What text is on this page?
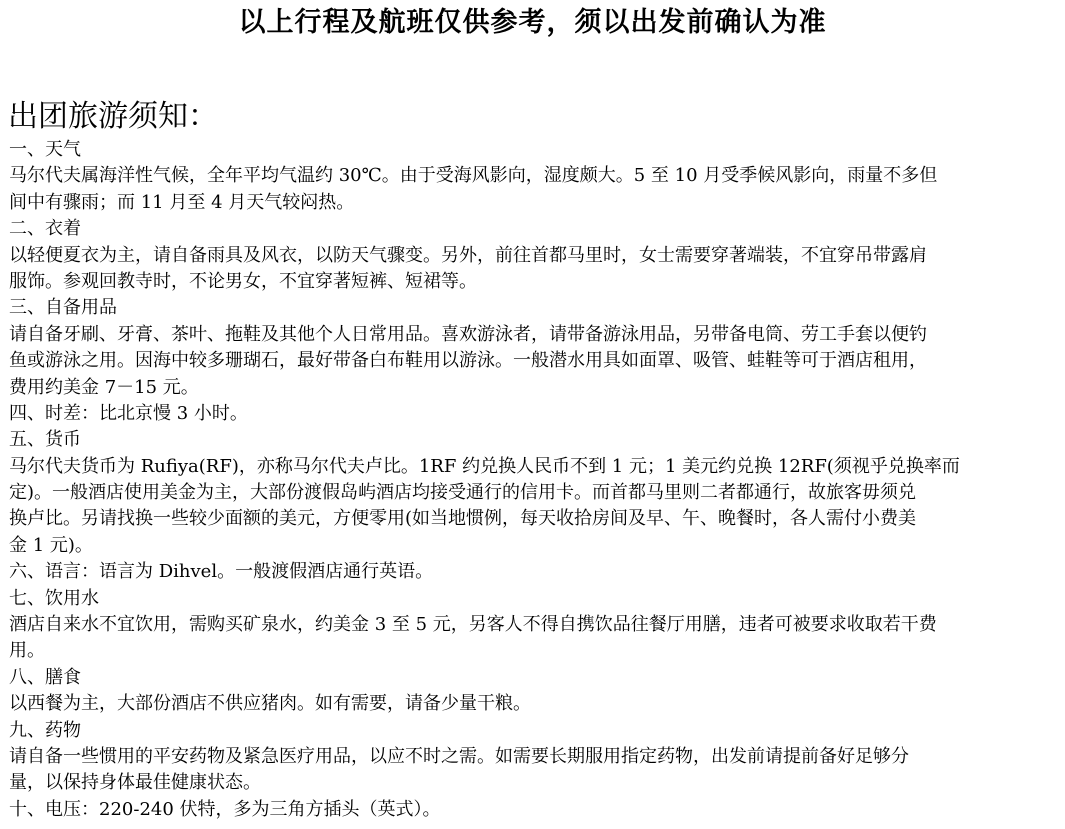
以上行程及航班仅供参考，须以出发前确认为准
出团旅游须知：
一、天气
马尔代夫属海洋性气候，全年平均气温约 30℃。由于受海风影向，湿度颇大。5 至 10 月受季候风影向，雨量不多但
间中有骤雨；而 11 月至 4 月天气较闷热。
二、衣着
以轻便夏衣为主，请自备雨具及风衣，以防天气骤变。另外，前往首都马里时，女士需要穿著端装，不宜穿吊带露肩
服饰。参观回教寺时，不论男女，不宜穿著短裤、短裙等。
三、自备用品
请自备牙刷、牙膏、茶叶、拖鞋及其他个人日常用品。喜欢游泳者，请带备游泳用品，另带备电筒、劳工手套以便钓
鱼或游泳之用。因海中较多珊瑚石，最好带备白布鞋用以游泳。一般潜水用具如面罩、吸管、蛙鞋等可于酒店租用，
费用约美金 7－15 元。
四、时差：比北京慢 3 小时。
五、货币
马尔代夫货币为 Rufiya(RF)，亦称马尔代夫卢比。1RF 约兑换人民币不到 1 元；1 美元约兑换 12RF(须视乎兑换率而
定)。一般酒店使用美金为主，大部份渡假岛屿酒店均接受通行的信用卡。而首都马里则二者都通行，故旅客毋须兑
换卢比。另请找换一些较少面额的美元，方便零用(如当地惯例，每天收拾房间及早、午、晚餐时，各人需付小费美
金 1 元)。
六、语言：语言为 Dihvel。一般渡假酒店通行英语。
七、饮用水
酒店自来水不宜饮用，需购买矿泉水，约美金 3 至 5 元，另客人不得自携饮品往餐厅用膳，违者可被要求收取若干费
用。
八、膳食
以西餐为主，大部份酒店不供应猪肉。如有需要，请备少量干粮。
九、药物
请自备一些惯用的平安药物及紧急医疗用品，以应不时之需。如需要长期服用指定药物，出发前请提前备好足够分
量，以保持身体最佳健康状态。
十、电压：220-240 伏特，多为三角方插头（英式）。
